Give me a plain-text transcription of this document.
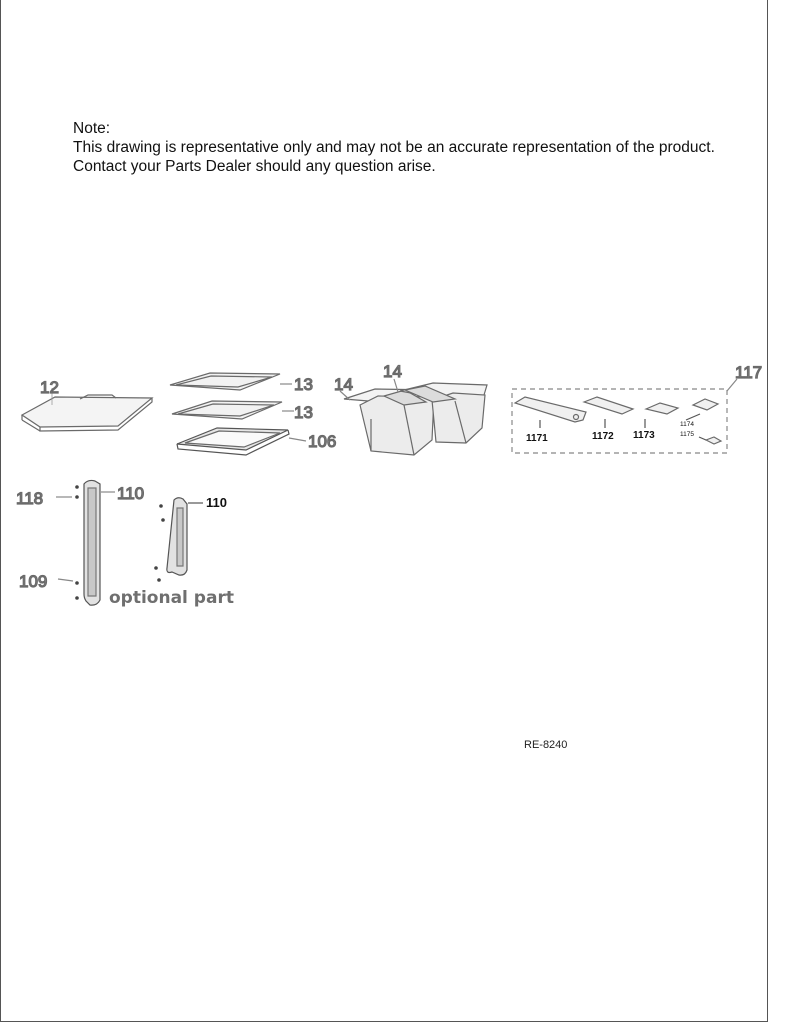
Note:
This drawing is representative only and may not be an accurate representation of the product.
Contact your Parts Dealer should any question arise.
12	13
13
106
14
14	117
118	110
109
1171	1172 1173
1174
1175
110
optional part
RE-8240
